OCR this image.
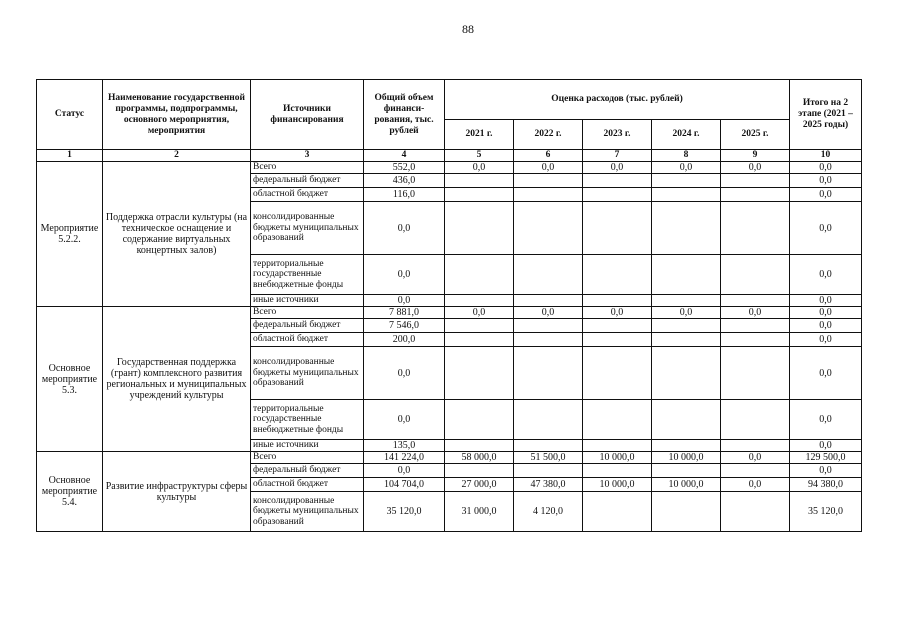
88
Статус	Наименование государственной программы, подпрограммы, основного мероприятия, мероприятия	Источники финансирования	Общий объем финанси-рования, тыс. рублей	Оценка расходов (тыс. рублей)					Итого на 2 этапе (2021 – 2025 годы)
				2021 г.	2022 г.	2023 г.	2024 г.	2025 г.	
1	2	3	4	5	6	7	8	9	10
Мероприятие 5.2.2.	Поддержка отрасли культуры (на техническое оснащение и содержание виртуальных концертных залов)	Всего	552,0	0,0	0,0	0,0	0,0	0,0	0,0
		федеральный бюджет	436,0						0,0
		областной бюджет	116,0						0,0
		консолидированные бюджеты муниципальных образований	0,0						0,0
		территориальные государственные внебюджетные фонды	0,0						0,0
		иные источники	0,0						0,0
Основное мероприятие 5.3.	Государственная поддержка (грант) комплексного развития региональных и муниципальных учреждений культуры	Всего	7 881,0	0,0	0,0	0,0	0,0	0,0	0,0
		федеральный бюджет	7 546,0						0,0
		областной бюджет	200,0						0,0
		консолидированные бюджеты муниципальных образований	0,0						0,0
		территориальные государственные внебюджетные фонды	0,0						0,0
		иные источники	135,0						0,0
Основное мероприятие 5.4.	Развитие инфраструктуры сферы культуры	Всего	141 224,0	58 000,0	51 500,0	10 000,0	10 000,0	0,0	129 500,0
		федеральный бюджет	0,0						0,0
		областной бюджет	104 704,0	27 000,0	47 380,0	10 000,0	10 000,0	0,0	94 380,0
		консолидированные бюджеты муниципальных образований	35 120,0	31 000,0	4 120,0				35 120,0
